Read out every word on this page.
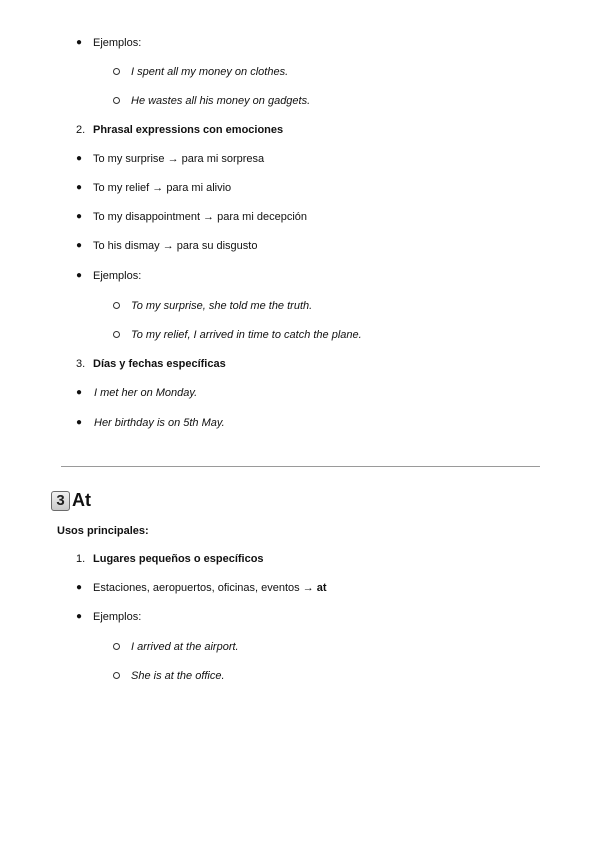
● Ejemplos:
I spent all my money on clothes.
He wastes all his money on gadgets.
2. Phrasal expressions con emociones
● To my surprise → para mi sorpresa
● To my relief → para mi alivio
● To my disappointment → para mi decepción
● To his dismay → para su disgusto
● Ejemplos:
To my surprise, she told me the truth.
To my relief, I arrived in time to catch the plane.
3. Días y fechas específicas
● I met her on Monday.
● Her birthday is on 5th May.
3 At
Usos principales:
1. Lugares pequeños o específicos
● Estaciones, aeropuertos, oficinas, eventos → at
● Ejemplos:
I arrived at the airport.
She is at the office.
